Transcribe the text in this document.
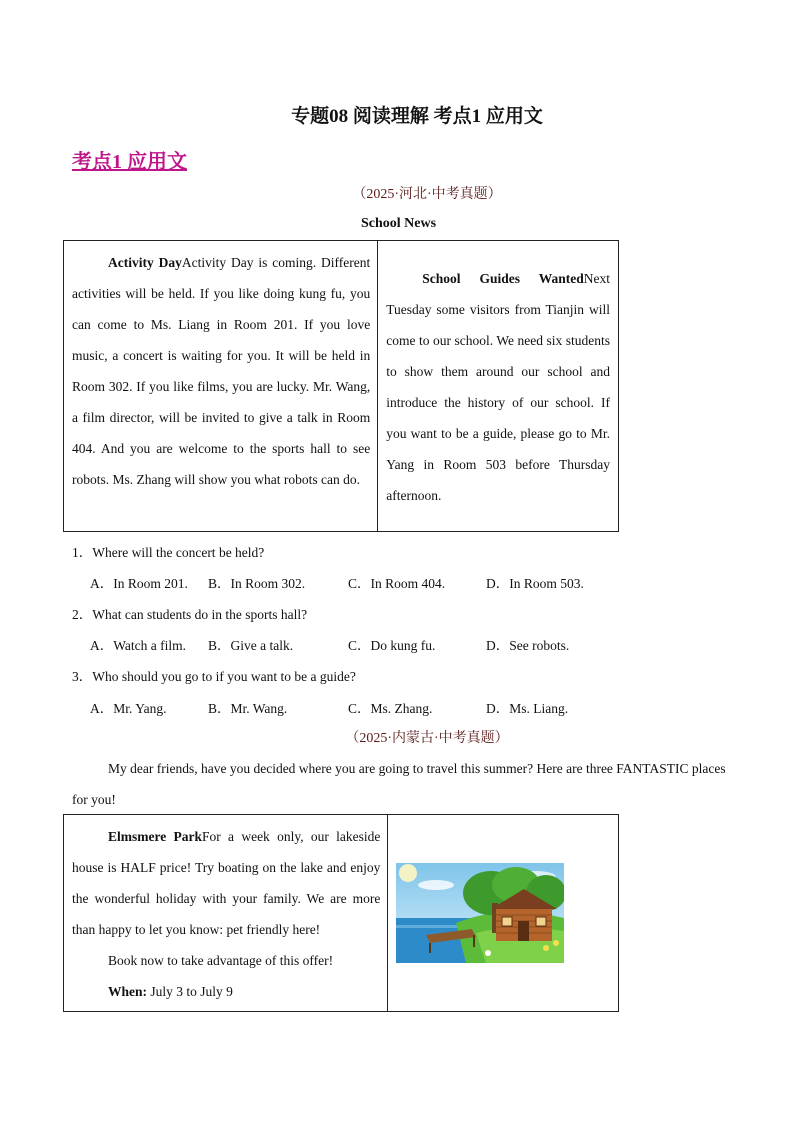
专题08 阅读理解 考点1 应用文
考点1 应用文
（2025·河北·中考真题）
School News

Activity DayActivity Day is coming. Different activities will be held. If you like doing kung fu, you can come to Ms. Liang in Room 201. If you love music, a concert is waiting for you. It will be held in Room 302. If you like films, you are lucky. Mr. Wang, a film director, will be invited to give a talk in Room 404. And you are welcome to the sports hall to see robots. Ms. Zhang will show you what robots can do.

School Guides WantedNext Tuesday some visitors from Tianjin will come to our school. We need six students to show them around our school and introduce the history of our school. If you want to be a guide, please go to Mr. Yang in Room 503 before Thursday afternoon.

1．Where will the concert be held?
A．In Room 201. B．In Room 302.	C．In Room 404.	D．In Room 503.
2．What can students do in the sports hall?
A．Watch a film. B．Give a talk.	C．Do kung fu.	D．See robots.
3．Who should you go to if you want to be a guide?
A．Mr. Yang.	B．Mr. Wang.	C．Ms. Zhang.	D．Ms. Liang.
（2025·内蒙古·中考真题）
My dear friends, have you decided where you are going to travel this summer? Here are three FANTASTIC places for you!

Elmsmere ParkFor a week only, our lakeside house is HALF price! Try boating on the lake and enjoy the wonderful holiday with your family. We are more than happy to let you know: pet friendly here!

Book now to take advantage of this offer!

When: July 3 to July 9
